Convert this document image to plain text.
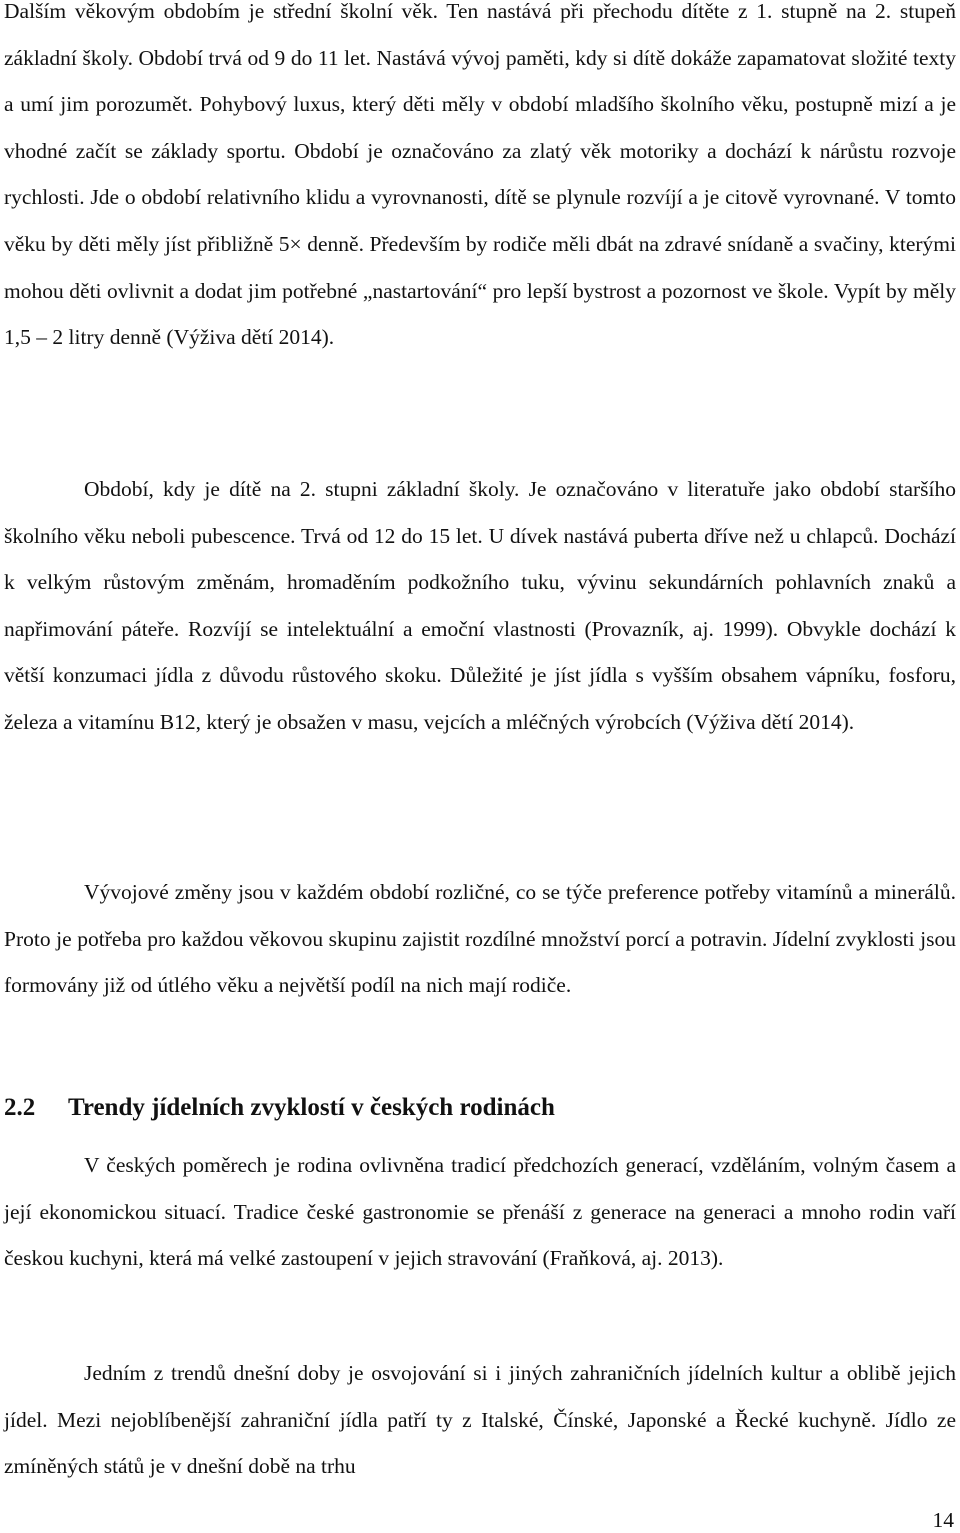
Dalším věkovým obdobím je střední školní věk. Ten nastává při přechodu dítěte z 1. stupně na 2. stupeň základní školy. Období trvá od 9 do 11 let. Nastává vývoj paměti, kdy si dítě dokáže zapamatovat složité texty a umí jim porozumět. Pohybový luxus, který děti měly v období mladšího školního věku, postupně mizí a je vhodné začít se základy sportu. Období je označováno za zlatý věk motoriky a dochází k nárůstu rozvoje rychlosti. Jde o období relativního klidu a vyrovnanosti, dítě se plynule rozvíjí a je citově vyrovnané. V tomto věku by děti měly jíst přibližně 5× denně. Především by rodiče měli dbát na zdravé snídaně a svačiny, kterými mohou děti ovlivnit a dodat jim potřebné „nastartování“ pro lepší bystrost a pozornost ve škole. Vypít by měly 1,5 – 2 litry denně (Výživa dětí 2014).

Období, kdy je dítě na 2. stupni základní školy. Je označováno v literatuře jako období staršího školního věku neboli pubescence. Trvá od 12 do 15 let. U dívek nastává puberta dříve než u chlapců. Dochází k velkým růstovým změnám, hromaděním podkožního tuku, vývinu sekundárních pohlavních znaků a napřimování páteře. Rozvíjí se intelektuální a emoční vlastnosti (Provazník, aj. 1999). Obvykle dochází k větší konzumaci jídla z důvodu růstového skoku. Důležité je jíst jídla s vyšším obsahem vápníku, fosforu, železa a vitamínu B12, který je obsažen v masu, vejcích a mléčných výrobcích (Výživa dětí 2014).

Vývojové změny jsou v každém období rozličné, co se týče preference potřeby vitamínů a minerálů. Proto je potřeba pro každou věkovou skupinu zajistit rozdílné množství porcí a potravin. Jídelní zvyklosti jsou formovány již od útlého věku a největší podíl na nich mají rodiče.

2.2 Trendy jídelních zvyklostí v českých rodinách

V českých poměrech je rodina ovlivněna tradicí předchozích generací, vzděláním, volným časem a její ekonomickou situací. Tradice české gastronomie se přenáší z generace na generaci a mnoho rodin vaří českou kuchyni, která má velké zastoupení v jejich stravování (Fraňková, aj. 2013).

Jedním z trendů dnešní doby je osvojování si i jiných zahraničních jídelních kultur a oblibě jejich jídel. Mezi nejoblíbenější zahraniční jídla patří ty z Italské, Čínské, Japonské a Řecké kuchyně. Jídlo ze zmíněných států je v dnešní době na trhu

14
